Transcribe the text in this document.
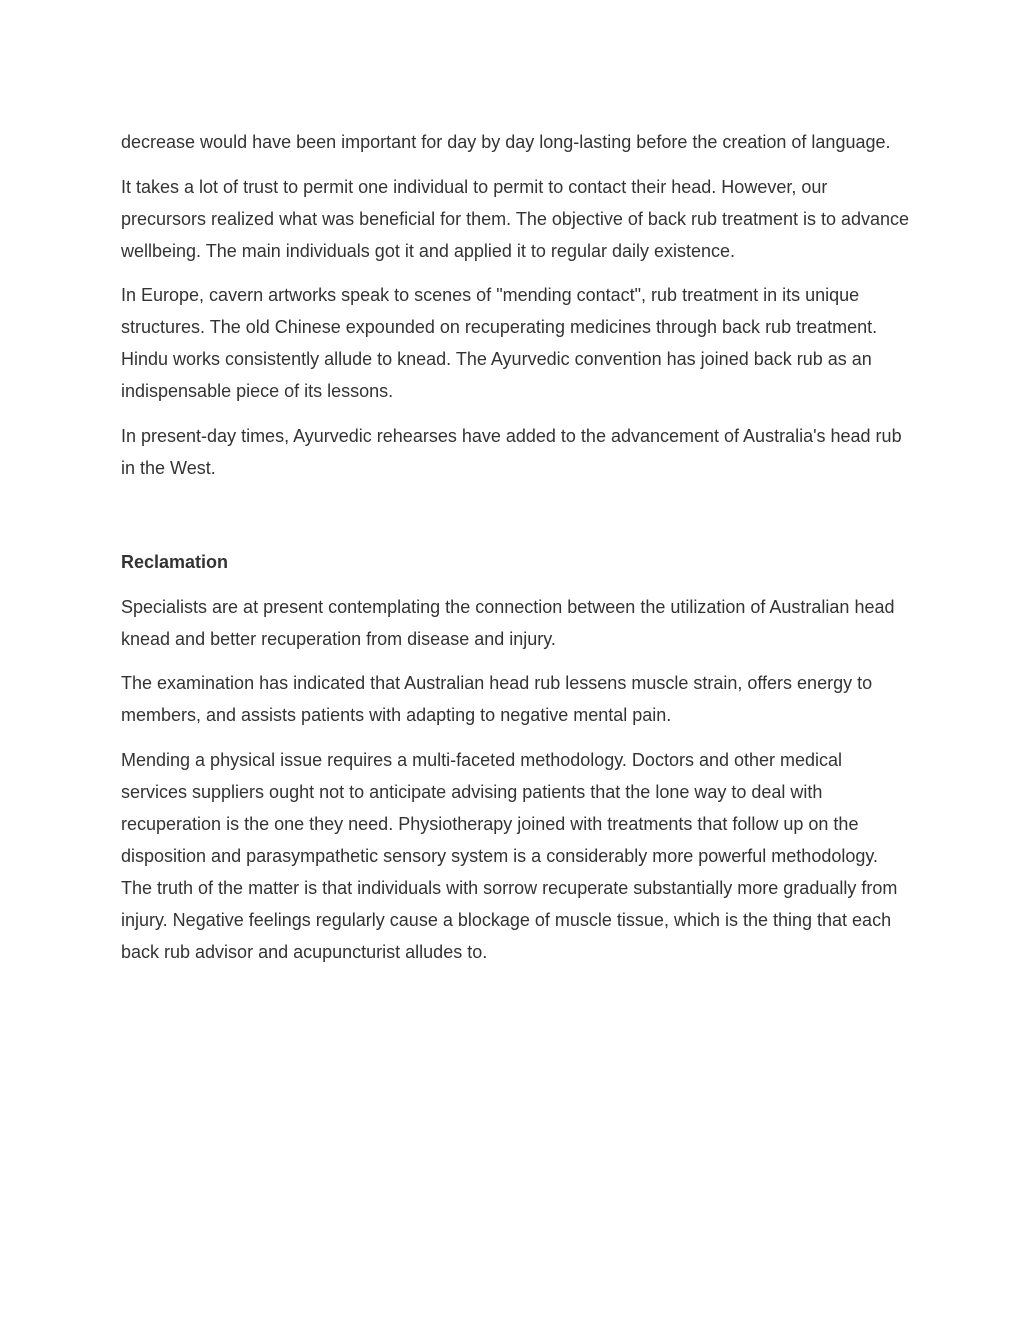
decrease would have been important for day by day long-lasting before the creation of language.

It takes a lot of trust to permit one individual to permit to contact their head. However, our precursors realized what was beneficial for them. The objective of back rub treatment is to advance wellbeing. The main individuals got it and applied it to regular daily existence.

In Europe, cavern artworks speak to scenes of "mending contact", rub treatment in its unique structures. The old Chinese expounded on recuperating medicines through back rub treatment. Hindu works consistently allude to knead. The Ayurvedic convention has joined back rub as an indispensable piece of its lessons.

In present-day times, Ayurvedic rehearses have added to the advancement of Australia's head rub in the West.

Reclamation

Specialists are at present contemplating the connection between the utilization of Australian head knead and better recuperation from disease and injury.

The examination has indicated that Australian head rub lessens muscle strain, offers energy to members, and assists patients with adapting to negative mental pain.

Mending a physical issue requires a multi-faceted methodology. Doctors and other medical services suppliers ought not to anticipate advising patients that the lone way to deal with recuperation is the one they need. Physiotherapy joined with treatments that follow up on the disposition and parasympathetic sensory system is a considerably more powerful methodology. The truth of the matter is that individuals with sorrow recuperate substantially more gradually from injury. Negative feelings regularly cause a blockage of muscle tissue, which is the thing that each back rub advisor and acupuncturist alludes to.
